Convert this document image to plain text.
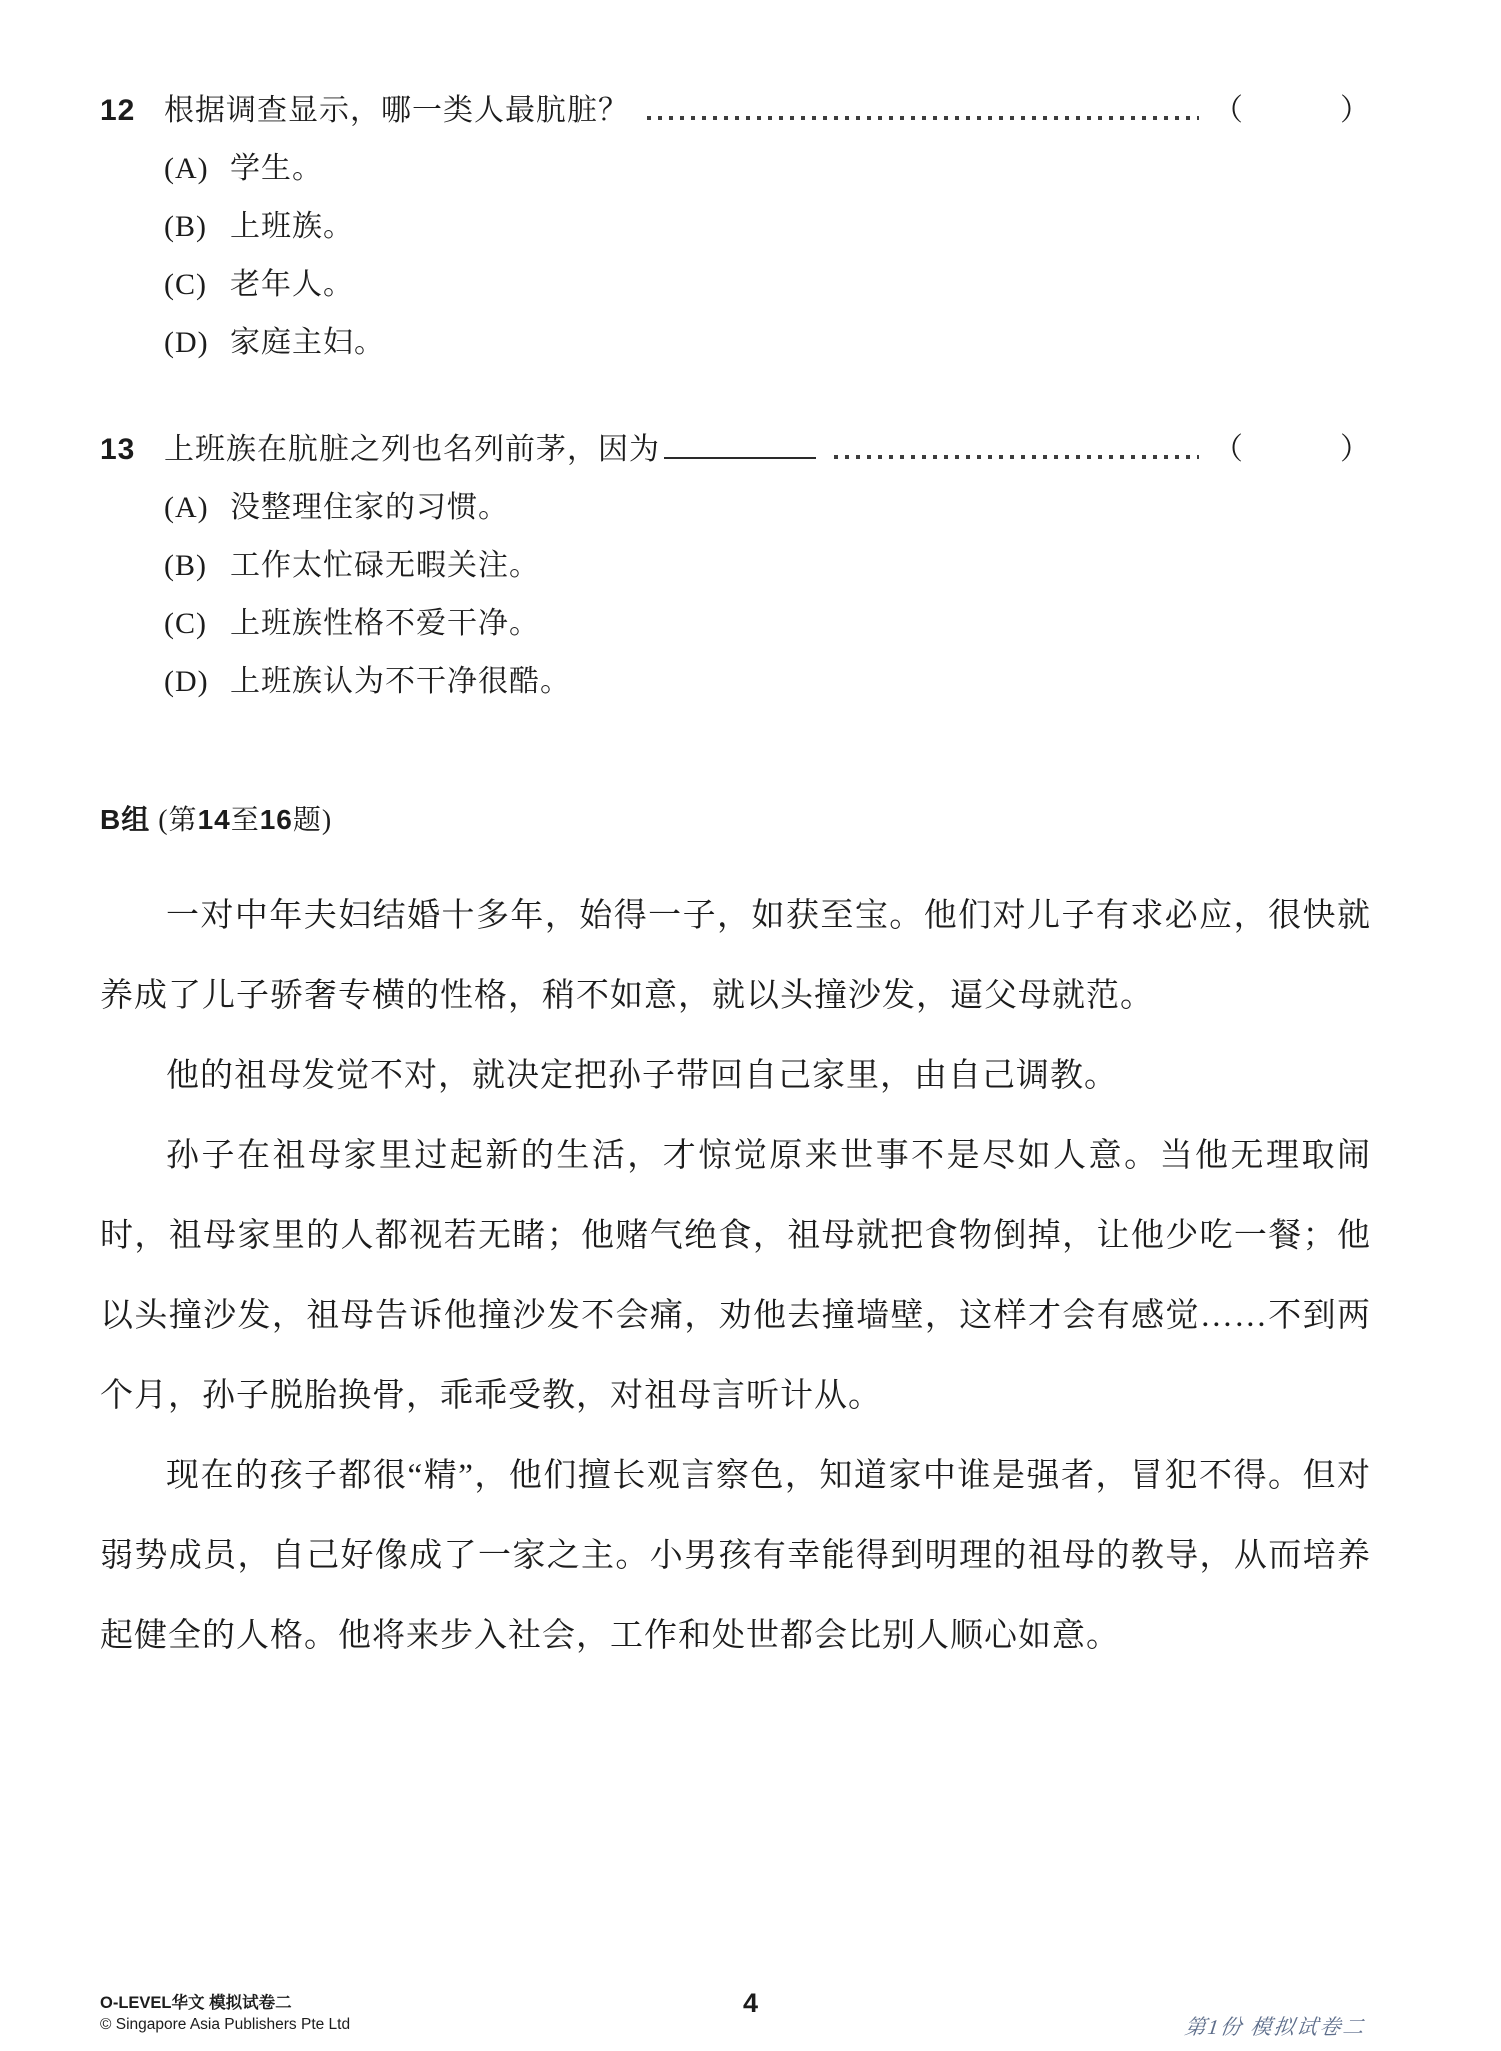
12 根据调查显示，哪一类人最肮脏？	（	）
(A) 学生。
(B) 上班族。
(C) 老年人。
(D) 家庭主妇。
13 上班族在肮脏之列也名列前茅，因为	（	）
(A) 没整理住家的习惯。
(B) 工作太忙碌无暇关注。
(C) 上班族性格不爱干净。
(D) 上班族认为不干净很酷。
B组 (第14至16题)

一对中年夫妇结婚十多年，始得一子，如获至宝。他们对儿子有求必应，很快就养成了儿子骄奢专横的性格，稍不如意，就以头撞沙发，逼父母就范。

他的祖母发觉不对，就决定把孙子带回自己家里，由自己调教。

孙子在祖母家里过起新的生活，才惊觉原来世事不是尽如人意。当他无理取闹时，祖母家里的人都视若无睹；他赌气绝食，祖母就把食物倒掉，让他少吃一餐；他以头撞沙发，祖母告诉他撞沙发不会痛，劝他去撞墙壁，这样才会有感觉……不到两个月，孙子脱胎换骨，乖乖受教，对祖母言听计从。

现在的孩子都很“精”，他们擅长观言察色，知道家中谁是强者，冒犯不得。但对弱势成员，自己好像成了一家之主。小男孩有幸能得到明理的祖母的教导，从而培养起健全的人格。他将来步入社会，工作和处世都会比别人顺心如意。

O-LEVEL华文 模拟试卷二
© Singapore Asia Publishers Pte Ltd
4
第1份 模拟试卷二
